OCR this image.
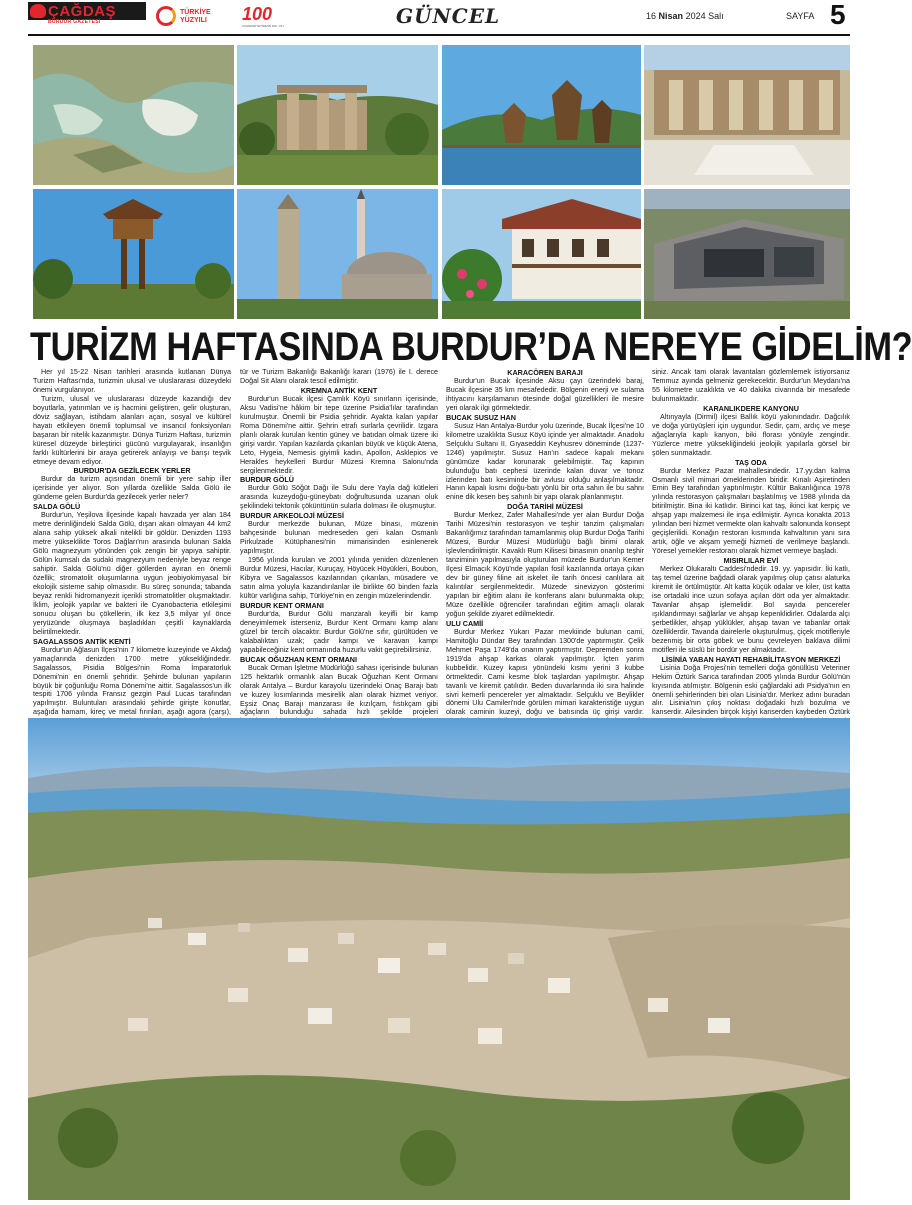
ÇAĞDAŞ
BURDUR GAZETESİ
TÜRKİYE YÜZYILI	100
CUMHURİYETİMİZİN 100. YILI	GÜNCEL	16 Nisan 2024 Salı	SAYFA 5
TURİZM HAFTASINDA BURDUR’DA NEREYE GİDELİM?

Her yıl 15-22 Nisan tarihleri arasında kutlanan Dünya Turizm Haftası'nda, turizmin ulusal ve uluslararası düzeydeki önemi vurgulanıyor.

Turizm, ulusal ve uluslararası düzeyde kazandığı dev boyutlarla, yatırımları ve iş hacmini geliştiren, gelir oluşturan, döviz sağlayan, istihdam alanları açan, sosyal ve kültürel hayatı etkileyen önemli toplumsal ve insancıl fonksiyonları başaran bir nitelik kazanmıştır. Dünya Turizm Haftası, turizmin küresel düzeyde birleştirici gücünü vurgulayarak, insanlığın farklı kültürlerini bir araya getirerek anlayışı ve barışı teşvik etmeye devam ediyor.

BURDUR'DA GEZİLECEK YERLER

Burdur da turizm açısından önemli bir yere sahip iller içerisinde yer alıyor. Son yıllarda özellikle Salda Gölü ile gündeme gelen Burdur'da gezilecek yerler neler?

SALDA GÖLÜ

Burdur'un, Yeşilova İlçesinde kapalı havzada yer alan 184 metre derinliğindeki Salda Gölü, dışarı akarı olmayan 44 km2 alana sahip yüksek alkali nitelikli bir göldür. Denizden 1193 metre yükseklikte Toros Dağları'nın arasında bulunan Salda Gölü magnezyum yönünden çok zengin bir yapıya sahiptir. Gölün kumsalı da sudaki magnezyum nedeniyle beyaz renge sahiptir. Salda Gölü'nü diğer göllerden ayıran en önemli özellik; stromatolit oluşumlarına uygun jeobiyokimyasal bir ekolojik sisteme sahip olmasıdır. Bu süreç sonunda; tabanda beyaz renkli hidromanyezit içerikli stromatolitler oluşmaktadır. İklim, jeolojik yapılar ve bakteri ile Cyanobacteria etkileşimi sonucu oluşan bu çökellerin, ilk kez 3,5 milyar yıl önce yeryüzünde oluşmaya başladıkları çeşitli kaynaklarda belirtilmektedir.

SAGALASSOS ANTİK KENTİ

Burdur'un Ağlasun İlçesi'nin 7 kilometre kuzeyinde ve Akdağ yamaçlarında denizden 1700 metre yüksekliğindedir. Sagalassos, Pisidia Bölgesi'nin Roma İmparatorluk Dönemi'nin en önemli şehridir. Şehirde bulunan yapıların büyük bir çoğunluğu Roma Dönemi'ne aittir. Sagalassos'un ilk tespiti 1706 yılında Fransız gezgin Paul Lucas tarafından yapılmıştır. Buluntuları arasındaki şehirde girişte konutlar, aşağıda hamam, kireç ve metal fırınları, aşağı agora (çarşı),

tür ve Turizm Bakanlığı Bakanlığı kararı (1976) ile I. derece Doğal Sit Alanı olarak tescil edilmiştir.

KREMNA ANTİK KENT

Burdur'un Bucak ilçesi Çamlık Köyü sınırların içerisinde, Aksu Vadisi'ne hâkim bir tepe üzerine Psidia'lılar tarafından kurulmuştur. Önemli bir Psidia şehridir. Ayakta kalan yapılar Roma Dönemi'ne aittir. Şehrin etrafı surlarla çevrilidir. Izgara planlı olarak kurulan kentin güney ve batıdan olmak üzere iki girişi vardır. Yapılan kazılarda çıkarılan büyük ve küçük Atena, Leto, Hygeia, Nemesis giyimli kadın, Apollon, Asklepios ve Herakles heykelleri Burdur Müzesi Kremna Salonu'nda sergilenmektedir.

BURDUR GÖLÜ

Burdur Gölü Söğüt Dağı ile Sulu dere Yayla dağ kütleleri arasında kuzeydoğu-güneybatı doğrultusunda uzanan oluk şekilindeki tektonik çöküntünün sularla dolması ile oluşmuştur.

BURDUR ARKEOLOJİ MÜZESİ

Burdur merkezde bulunan, Müze binası, müzenin bahçesinde bulunan medreseden geri kalan Osmanlı Pirkulzade Kütüphanesi'nin mimarisinden esinlenerek yapılmıştır.

1956 yılında kurulan ve 2001 yılında yeniden düzenlenen Burdur Müzesi, Hacılar, Kuruçay, Höyücek Höyükleri, Boubon, Kibyra ve Sagalassos kazılarından çıkarılan, müsadere ve satın alma yoluyla kazandırılanlar ile birlikte 60 binden fazla kültür varlığına sahip, Türkiye'nin en zengin müzelerindendir.

BURDUR KENT ORMANI

Burdur'da, Burdur Gölü manzaralı keyifli bir kamp deneyimlemek isterseniz, Burdur Kent Ormanı kamp alanı güzel bir tercih olacaktır. Burdur Gölü'ne sıfır, gürültüden ve kalabalıktan uzak; çadır kampı ve karavan kampı yapabileceğiniz kent ormanında huzurlu vakit geçirebilirsiniz.

BUCAK OĞUZHAN KENT ORMANI

Bucak Orman İşletme Müdürlüğü sahası içerisinde bulunan 125 hektarlık ormanlık alan Bucak Oğuzhan Kent Ormanı olarak Antalya – Burdur karayolu üzerindeki Onaç Barajı batı ve kuzey kısımlarında mesirelik alan olarak hizmet veriyor. Eşsiz Onaç Barajı manzarası ile kızılçam, fıstıkçam gibi ağaçların bulunduğu sahada hızlı şekilde projeleri

KARACÖREN BARAJI

Burdur'un Bucak ilçesinde Aksu çayı üzerindeki baraj, Bucak ilçesine 35 km mesafededir. Bölgenin enerji ve sulama ihtiyacını karşılamanın ötesinde doğal güzellikleri ile mesire yeri olarak ilgi görmektedir.

BUCAK SUSUZ HAN

Susuz Han Antalya-Burdur yolu üzerinde, Bucak İlçesi'ne 10 kilometre uzaklıkta Susuz Köyü içinde yer almaktadır. Anadolu Selçuklu Sultanı II. Gıyaseddin Keyhusrev döneminde (1237-1246) yapılmıştır. Susuz Han'ın sadece kapalı mekanı günümüze kadar korunarak gelebilmiştir. Taç kapının bulunduğu batı cephesi üzerinde kalan duvar ve tonoz izlerinden batı kesiminde bir avlusu olduğu anlaşılmaktadır. Hanın kapalı kısmı doğu-batı yönlü bir orta sahın ile bu sahnı enine dik kesen beş sahınlı bir yapı olarak planlanmıştır.

DOĞA TARİHİ MÜZESİ

Burdur Merkez, Zafer Mahallesi'nde yer alan Burdur Doğa Tarihi Müzesi'nin restorasyon ve teşhir tanzim çalışmaları Bakanlığımız tarafından tamamlanmış olup Burdur Doğa Tarihi Müzesi, Burdur Müzesi Müdürlüğü bağlı birimi olarak işlevlendirilmiştir. Kavaklı Rum Kilisesi binasının onarılıp teşhir tanziminin yapılmasıyla oluşturulan müzede Burdur'un Kemer İlçesi Elmacık Köyü'nde yapılan fosil kazılarında ortaya çıkan dev bir güney filine ait iskelet ile tarih öncesi canlılara ait kalıntılar sergilenmektedir. Müzede sinevizyon gösterimi yapılan bir eğitim alanı ile konferans alanı bulunmakta olup; Müze özellikle öğrenciler tarafından eğitim amaçlı olarak yoğun şekilde ziyaret edilmektedir.

ULU CAMİİ

Burdur Merkez Yukarı Pazar mevkiinde bulunan cami, Hamitoğlu Dündar Bey tarafından 1300'de yaptırmıştır. Çelik Mehmet Paşa 1749'da onarım yaptırmıştır. Depremden sonra 1919'da ahşap karkas olarak yapılmıştır. İçten yarım kubbelidir. Kuzey kapısı yönündeki kısmı yerini 3 kubbe örtmektedir. Cami kesme blok taşlardan yapılmıştır. Ahşap tavanlı ve kiremit çatılıdır. Beden duvarlarında iki sıra halinde sivri kemerli pencereler yer almaktadır. Selçuklu ve Beylikler dönemi Ulu Camileri'nde görülen mimari karakteristiğe uygun olarak caminin kuzeyi, doğu ve batısında üç girişi vardır.

siniz. Ancak tam olarak lavantaları gözlemlemek istiyorsanız Temmuz ayında gelmeniz gerekecektir. Burdur'un Meydanı'na 55 kilometre uzaklıkta ve 40 dakika civarında bir mesafede bulunmaktadır.

KARANLIKDERE KANYONU

Altınyayla (Dirmil) ilçesi Ballık köyü yakınındadır. Dağcılık ve doğa yürüyüşleri için uygundur. Sedir, çam, ardıç ve meşe ağaçlarıyla kaplı kanyon, biki florası yönüyle zengindir. Yüzlerce metre yüksekliğindeki jeolojik yapılarla görsel bir şölen sunmaktadır.

TAŞ ODA

Burdur Merkez Pazar mahallesindedir. 17.yy.dan kalma Osmanlı sivil mimari örneklerinden biridir. Kınalı Aşiretinden Emin Bey tarafından yaptırılmıştır. Kültür Bakanlığınca 1978 yılında restorasyon çalışmaları başlatılmış ve 1988 yılında da bitirilmiştir. Bina iki katlıdır. Birinci kat taş, ikinci kat kerpiç ve ahşap yapı malzemesi ile inşa edilmiştir. Ayrıca konakta 2013 yılından beri hizmet vermekte olan kahvaltı salonunda konsept geçişlerilidi. Konağın restoran kısmında kahvaltının yanı sıra artık, öğle ve akşam yemeği hizmeti de verilmeye başlandı. Yöresel yemekler restoranı olarak hizmet vermeye başladı.

MISIRLILAR EVİ

Merkez Olukaraltı Caddesi'ndedir. 19. yy. yapısıdır. İki katlı, taş temel üzerine bağdadi olarak yapılmış olup çatısı alaturka kiremit ile örtülmüştür. Alt katta küçük odalar ve kiler, üst katta ise ortadaki ince uzun sofaya açılan dört oda yer almaktadır. Tavanlar ahşap işlemelidir. Bol sayıda pencereler ışıklandırmayı sağlarlar ve ahşap kepenklidirler. Odalarda alçı şerbetlikler, ahşap yüklükler, ahşap tavan ve tabanlar ortak özelliklerdir. Tavanda dairelerle oluşturulmuş, çiçek motifleriyle bezenmiş bir orta göbek ve bunu çevreleyen baklava dilimi motifleri ile süslü bir bordür yer almaktadır.

LİSİNİA YABAN HAYATI REHABİLİTASYON MERKEZİ

Lisinia Doğa Projesi'nin temelleri doğa gönüllüsü Veteriner Hekim Öztürk Sarıca tarafından 2005 yılında Burdur Gölü'nün kıyısında atılmıştır. Bölgenin eski çağlardaki adı Psidya'nın en önemli şehirlerinden biri olan Lisinia'dır. Merkez adını buradan alır. Lisinia'nın çıkış noktası doğadaki hızlı bozulma ve kanserdir. Ailesinden birçok kişiyi kanserden kaybeden Öztürk
